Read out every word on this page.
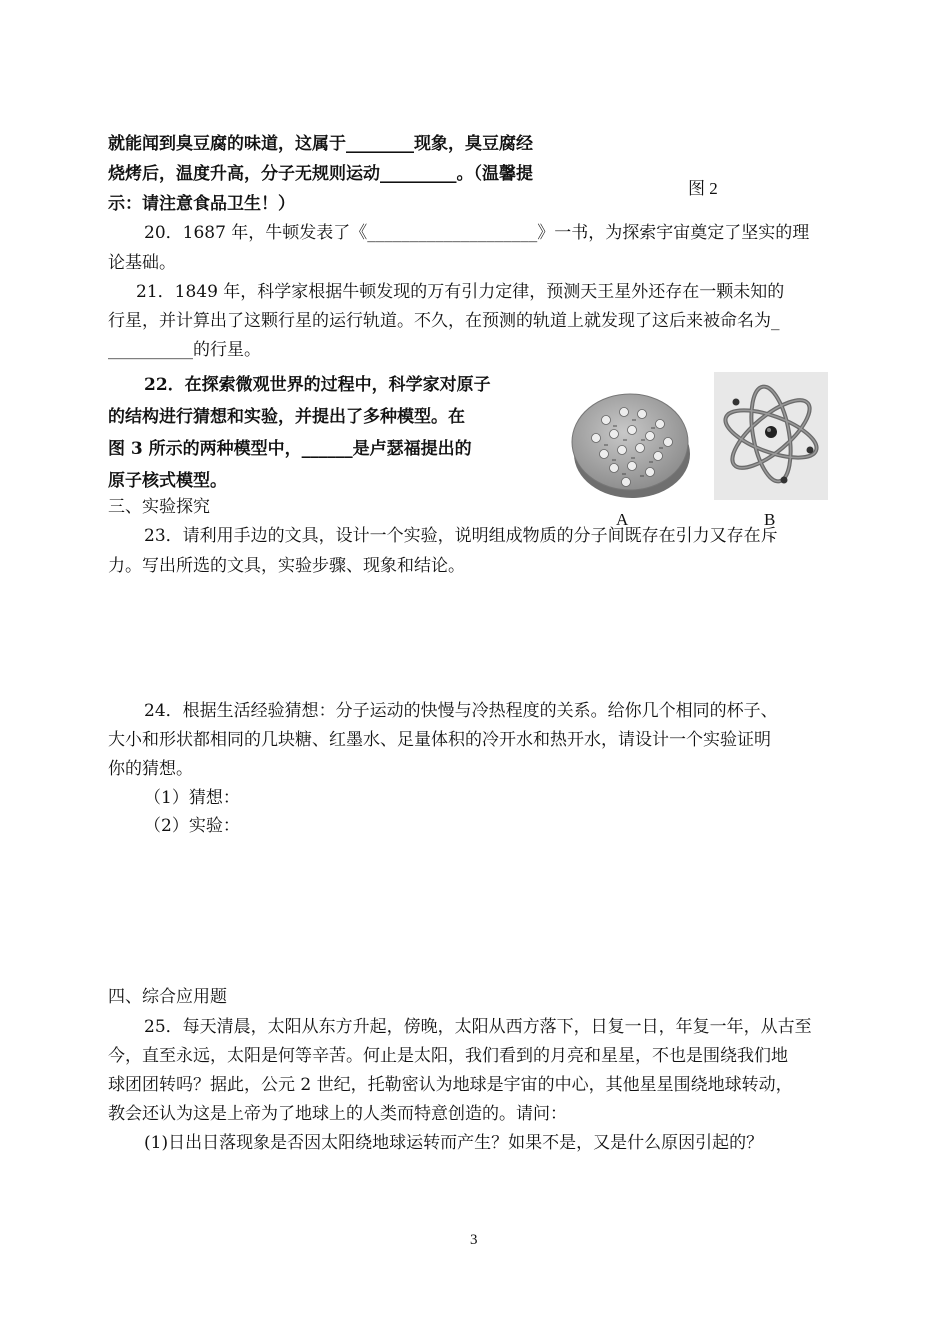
就能闻到臭豆腐的味道，这属于________现象，臭豆腐经
烧烤后，温度升高，分子无规则运动_________。（温馨提
示：请注意食品卫生！）
图 2
20．1687 年，牛顿发表了《____________________》一书，为探索宇宙奠定了坚实的理
论基础。
21．1849 年，科学家根据牛顿发现的万有引力定律，预测天王星外还存在一颗未知的
行星，并计算出了这颗行星的运行轨道。不久，在预测的轨道上就发现了这后来被命名为_
__________的行星。
22．在探索微观世界的过程中，科学家对原子
的结构进行猜想和实验，并提出了多种模型。在
图 3 所示的两种模型中，______是卢瑟福提出的
原子核式模型。
三、实验探究
A	B
23．请利用手边的文具，设计一个实验，说明组成物质的分子间既存在引力又存在斥
力。写出所选的文具，实验步骤、现象和结论。
24．根据生活经验猜想：分子运动的快慢与冷热程度的关系。给你几个相同的杯子、
大小和形状都相同的几块糖、红墨水、足量体积的冷开水和热开水，请设计一个实验证明
你的猜想。
（1）猜想：
（2）实验：
四、综合应用题
25．每天清晨，太阳从东方升起，傍晚，太阳从西方落下，日复一日，年复一年，从古至
今，直至永远，太阳是何等辛苦。何止是太阳，我们看到的月亮和星星，不也是围绕我们地
球团团转吗？据此，公元 2 世纪，托勒密认为地球是宇宙的中心，其他星星围绕地球转动，
教会还认为这是上帝为了地球上的人类而特意创造的。请问：
(1)日出日落现象是否因太阳绕地球运转而产生？如果不是，又是什么原因引起的？
3
